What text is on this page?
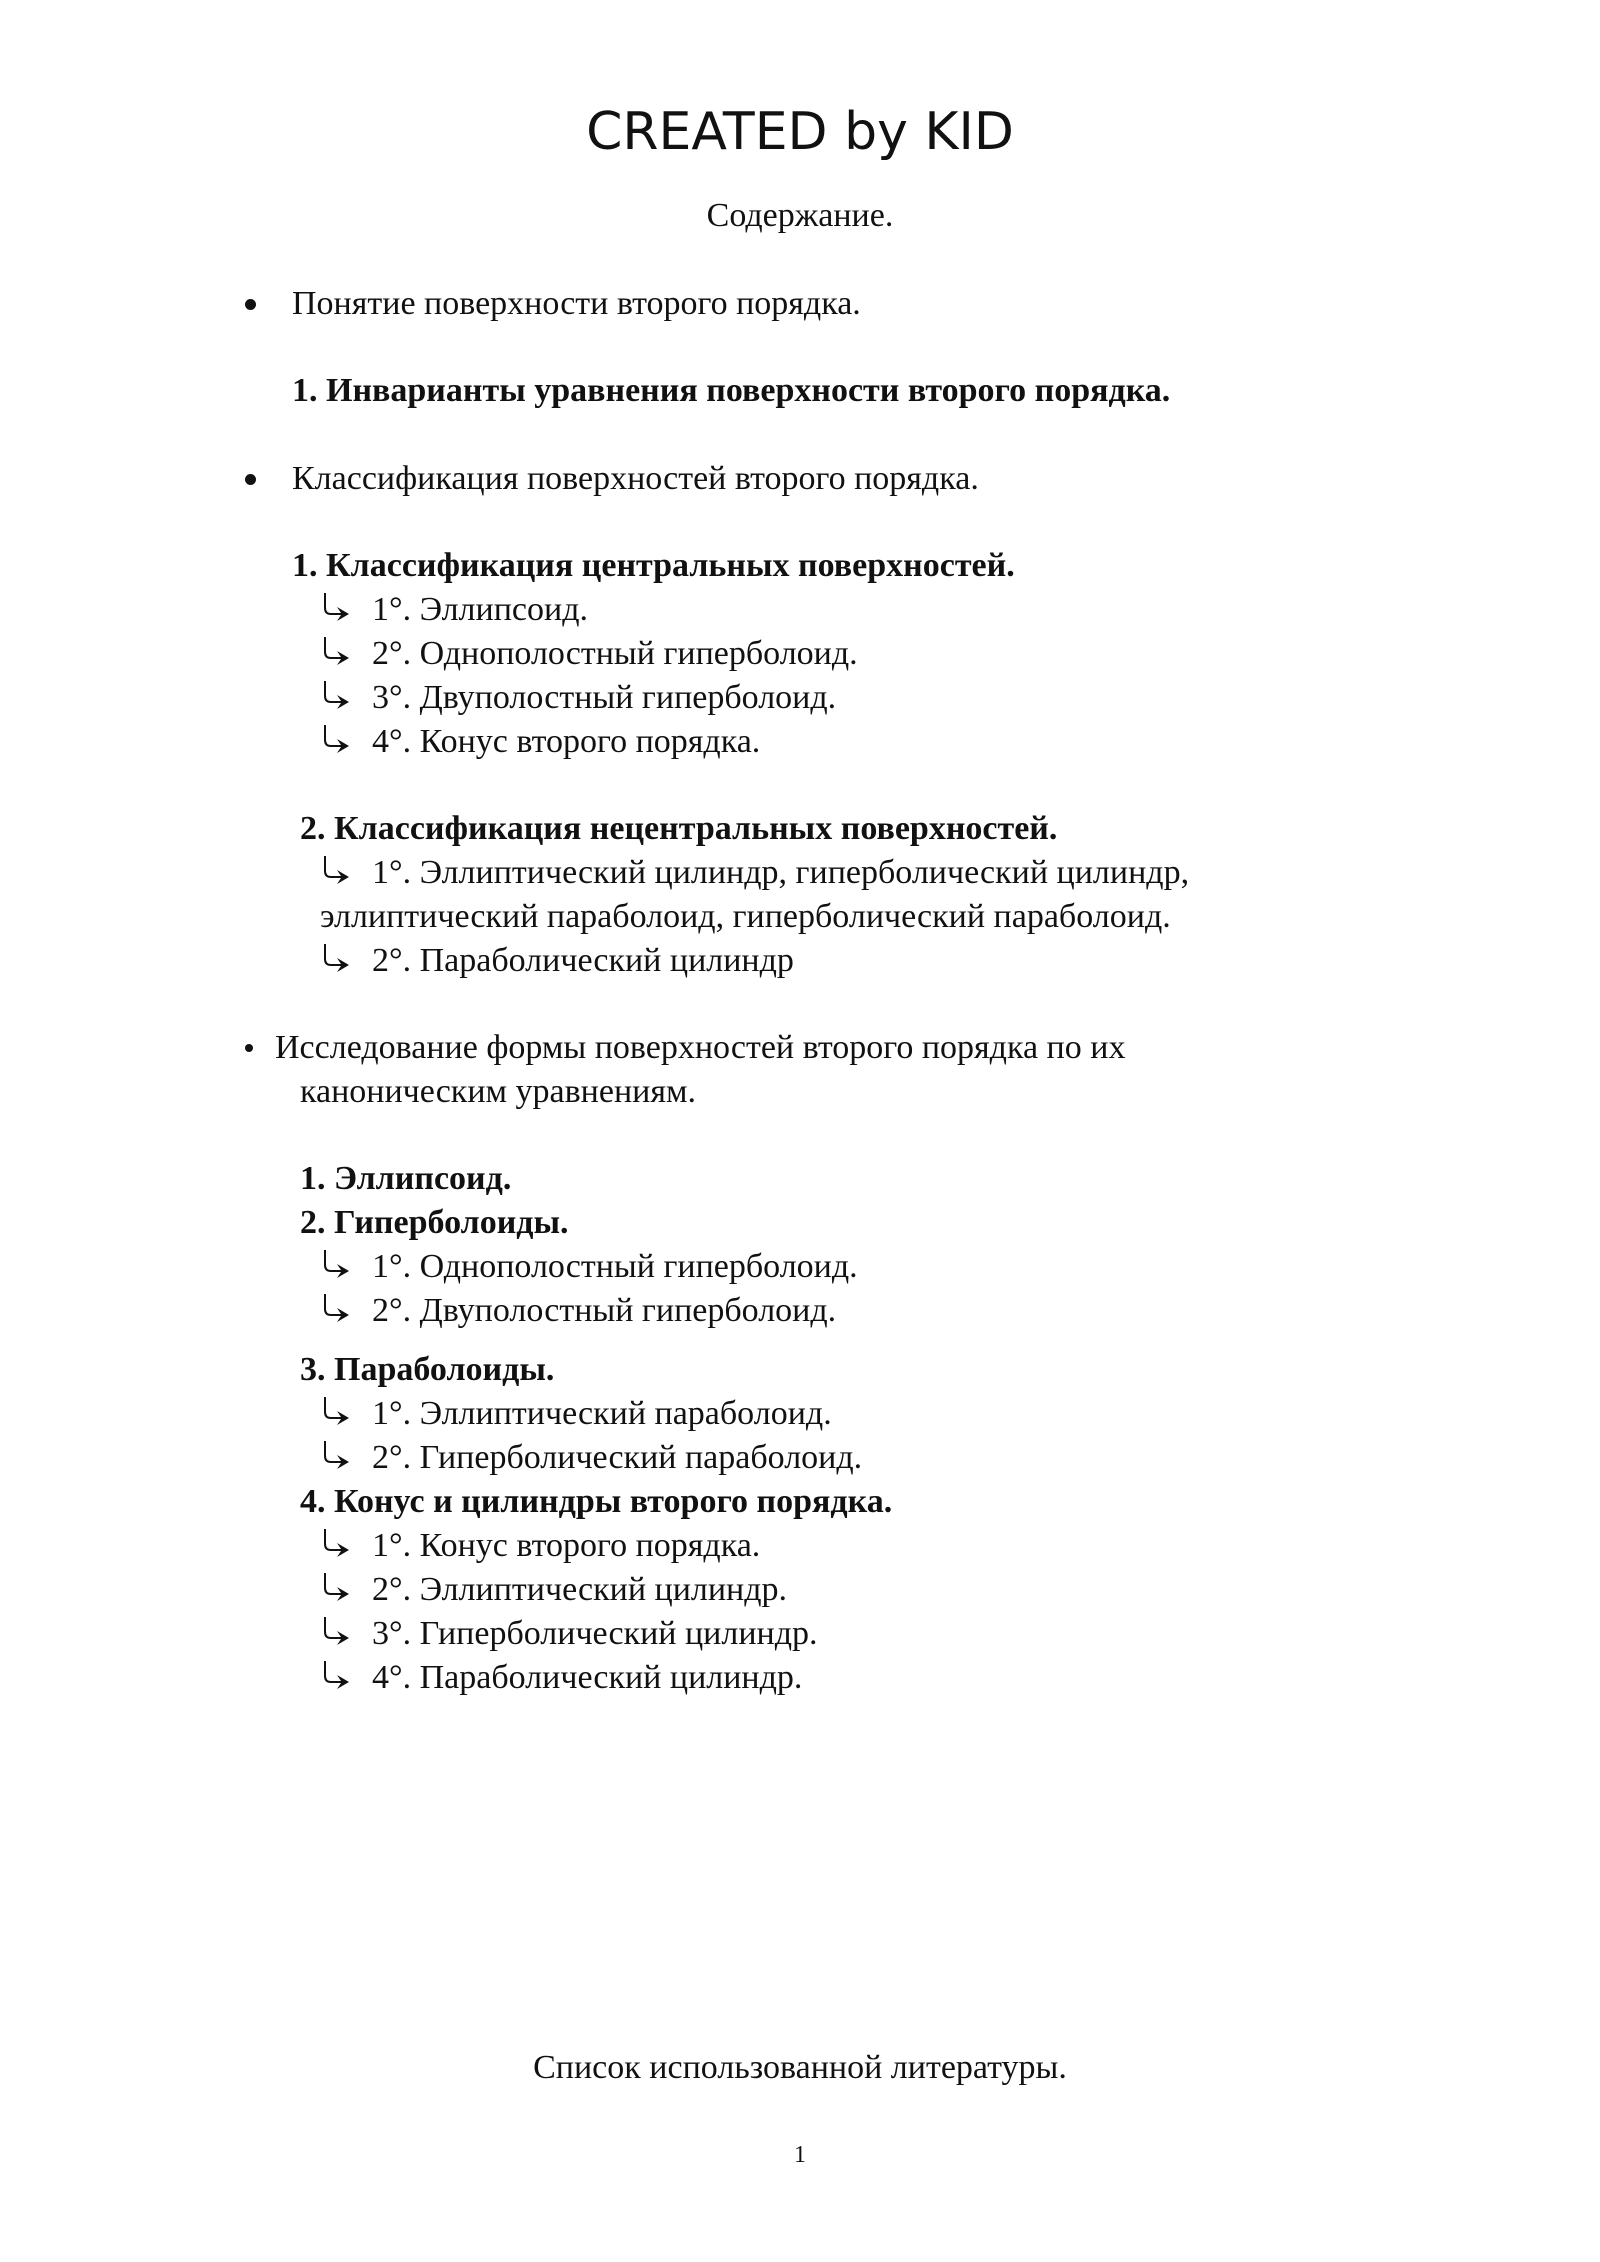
CREATED by KID
Содержание.
Понятие поверхности второго порядка.
1. Инварианты уравнения поверхности второго порядка.
Классификация поверхностей второго порядка.
1. Классификация центральных поверхностей.
1°. Эллипсоид.
2°. Однополостный гиперболоид.
3°. Двуполостный гиперболоид.
4°. Конус второго порядка.
2. Классификация нецентральных поверхностей.
1°. Эллиптический цилиндр, гиперболический цилиндр,
эллиптический параболоид, гиперболический параболоид.
2°. Параболический цилиндр
Исследование формы поверхностей второго порядка по их
каноническим уравнениям.
1. Эллипсоид.
2. Гиперболоиды.
1°. Однополостный гиперболоид.
2°. Двуполостный гиперболоид.
3. Параболоиды.
1°. Эллиптический параболоид.
2°. Гиперболический параболоид.
4. Конус и цилиндры второго порядка.
1°. Конус второго порядка.
2°. Эллиптический цилиндр.
3°. Гиперболический цилиндр.
4°. Параболический цилиндр.
Список использованной литературы.
1
